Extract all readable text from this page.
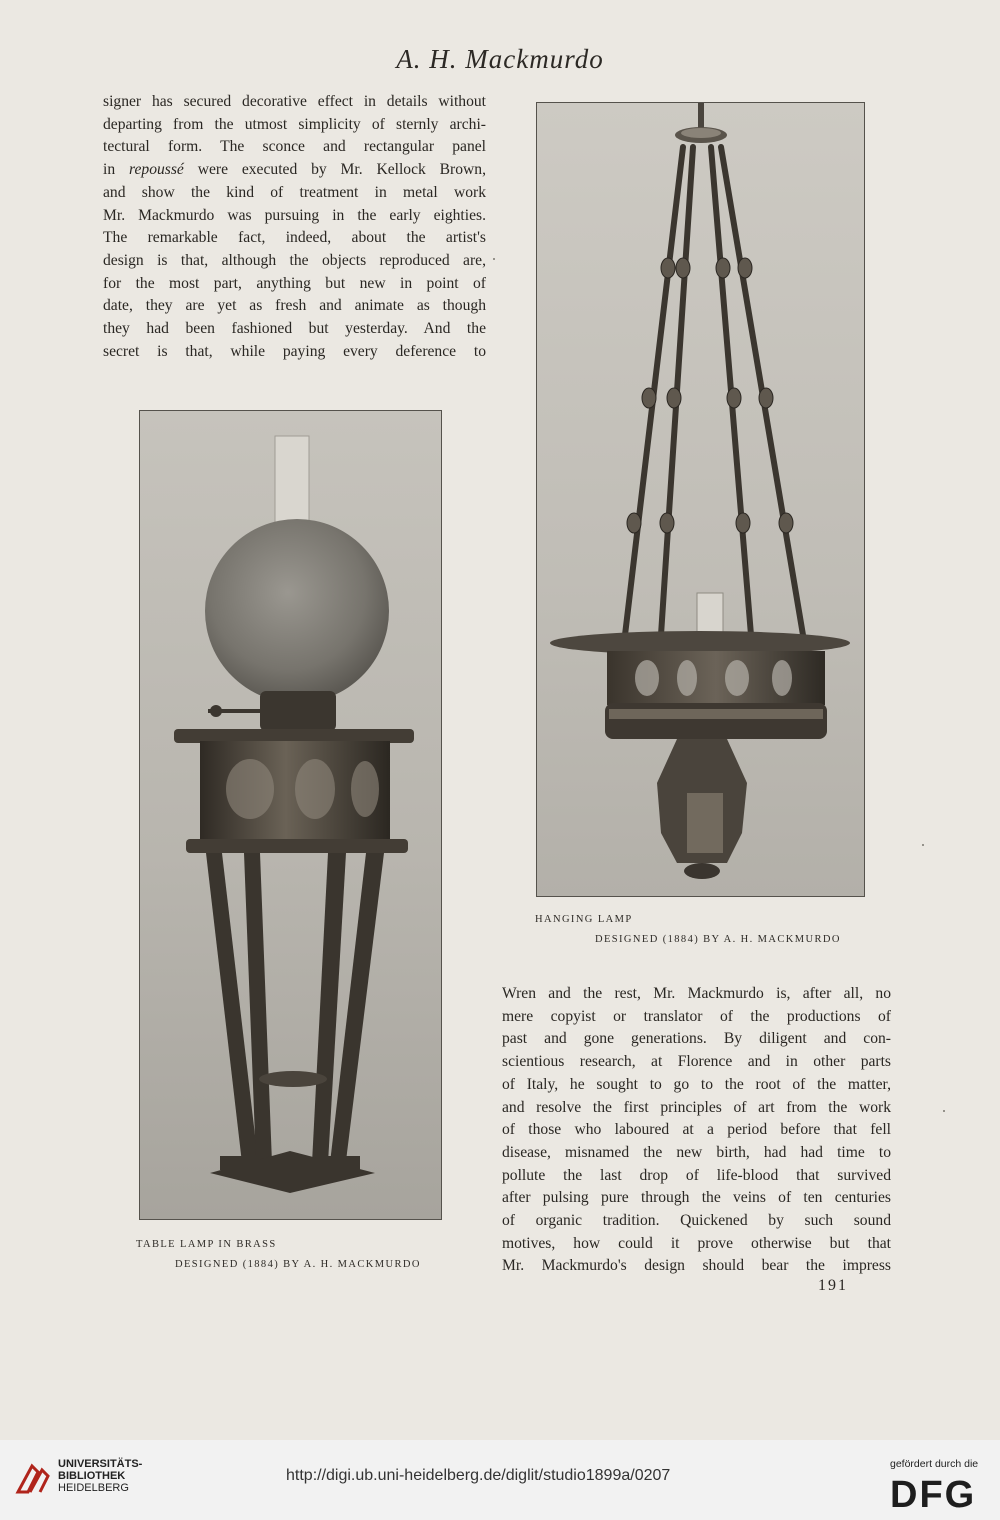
A. H. Mackmurdo
signer has secured decorative effect in details without
departing from the utmost simplicity of sternly archi-
tectural form. The sconce and rectangular panel
in repoussé were executed by Mr. Kellock Brown,
and show the kind of treatment in metal work
Mr. Mackmurdo was pursuing in the early eighties.
The remarkable fact, indeed, about the artist's
design is that, although the objects reproduced are,
for the most part, anything but new in point of
date, they are yet as fresh and animate as though
they had been fashioned but yesterday. And the
secret is that, while paying every deference to
HANGING LAMP
DESIGNED (1884) BY A. H. MACKMURDO
TABLE LAMP IN BRASS
DESIGNED (1884) BY A. H. MACKMURDO
Wren and the rest, Mr. Mackmurdo is, after all, no
mere copyist or translator of the productions of
past and gone generations. By diligent and con-
scientious research, at Florence and in other parts
of Italy, he sought to go to the root of the matter,
and resolve the first principles of art from the work
of those who laboured at a period before that fell
disease, misnamed the new birth, had had time to
pollute the last drop of life-blood that survived
after pulsing pure through the veins of ten centuries
of organic tradition. Quickened by such sound
motives, how could it prove otherwise but that
Mr. Mackmurdo's design should bear the impress
191
UNIVERSITÄTS-
BIBLIOTHEK
HEIDELBERG
http://digi.ub.uni-heidelberg.de/diglit/studio1899a/0207
gefördert durch die
DFG
